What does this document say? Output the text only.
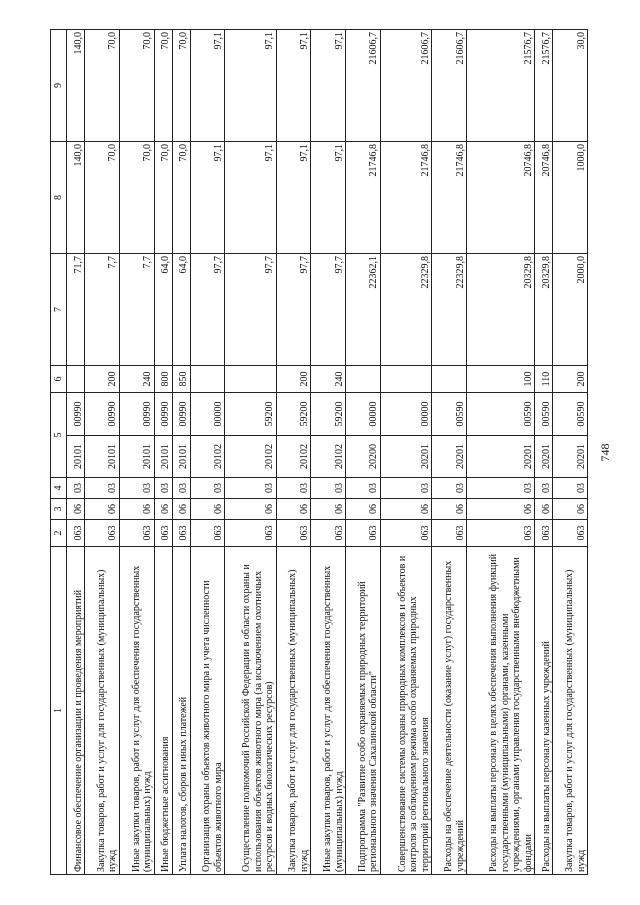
1	2	3	4	5		6	7	8	9
Финансовое обеспечение организации и проведения мероприятий	063	06	03	20101	00990		71,7	140,0	140,0
Закупка товаров, работ и услуг для государственных (муниципальных) нужд	063	06	03	20101	00990	200	7,7	70,0	70,0
Иные закупки товаров, работ и услуг для обеспечения государственных (муниципальных) нужд	063	06	03	20101	00990	240	7,7	70,0	70,0
Иные бюджетные ассигнования	063	06	03	20101	00990	800	64,0	70,0	70,0
Уплата налогов, сборов и иных платежей	063	06	03	20101	00990	850	64,0	70,0	70,0
Организация охраны объектов животного мира и учета численности объектов животного мира	063	06	03	20102	00000		97,7	97,1	97,1
Осуществление полномочий Российской Федерации в области охраны и использования объектов животного мира (за исключением охотничьих ресурсов и водных биологических ресурсов)	063	06	03	20102	59200		97,7	97,1	97,1
Закупка товаров, работ и услуг для государственных (муниципальных) нужд	063	06	03	20102	59200	200	97,7	97,1	97,1
Иные закупки товаров, работ и услуг для обеспечения государственных (муниципальных) нужд	063	06	03	20102	59200	240	97,7	97,1	97,1
Подпрограмма "Развитие особо охраняемых природных территорий регионального значения Сахалинской области"	063	06	03	20200	00000		22362,1	21746,8	21606,7
Совершенствование системы охраны природных комплексов и объектов и контроля за соблюдением режима особо охраняемых природных территорий регионального значения	063	06	03	20201	00000		22329,8	21746,8	21606,7
Расходы на обеспечение деятельности (оказание услуг) государственных учреждений	063	06	03	20201	00590		22329,8	21746,8	21606,7
Расходы на выплаты персоналу в целях обеспечения выполнения функций государственными (муниципальными) органами, казенными учреждениями, органами управления государственными внебюджетными фондами	063	06	03	20201	00590	100	20329,8	20746,8	21576,7
Расходы на выплаты персоналу казенных учреждений	063	06	03	20201	00590	110	20329,8	20746,8	21576,7
Закупка товаров, работ и услуг для государственных (муниципальных) нужд	063	06	03	20201	00590	200	2000,0	1000,0	30,0
748
